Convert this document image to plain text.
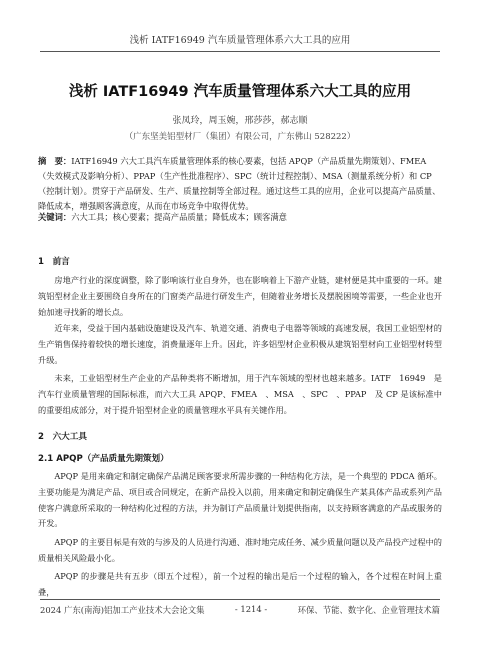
浅析 IATF16949 汽车质量管理体系六大工具的应用
浅析 IATF16949 汽车质量管理体系六大工具的应用
张凤玲，周玉婉，邢莎莎，郝志顺
（广东坚美铝型材厂（集团）有限公司，广东佛山 528222）
摘　要：IATF16949 六大工具汽车质量管理体系的核心要素，包括 APQP（产品质量先期策划）、FMEA（失效模式及影响分析）、PPAP（生产性批准程序）、SPC（统计过程控制）、MSA（测量系统分析）和 CP（控制计划）。贯穿于产品研发、生产、质量控制等全部过程。通过这些工具的应用，企业可以提高产品质量、降低成本，增强顾客满意度，从而在市场竞争中取得优势。
关键词：六大工具；核心要素；提高产品质量；降低成本；顾客满意
1　前言
房地产行业的深度调整，除了影响该行业自身外，也在影响着上下游产业链，建材便是其中重要的一环。建筑铝型材企业主要围绕自身所在的门窗类产品进行研发生产，但随着业务增长及摆脱困境等需要，一些企业也开始加速寻找新的增长点。
近年来，受益于国内基础设施建设及汽车、轨道交通、消费电子电器等领域的高速发展，我国工业铝型材的生产销售保持着较快的增长速度，消费量逐年上升。因此，许多铝型材企业积极从建筑铝型材向工业铝型材转型升级。
未来，工业铝型材生产企业的产品种类将不断增加，用于汽车领域的型材也越来越多。IATF　16949　是汽车行业质量管理的国际标准，而六大工具 APQP、FMEA　、MSA　、SPC　、PPAP　及 CP 是该标准中的重要组成部分，对于提升铝型材企业的质量管理水平具有关键作用。
2　六大工具
2.1 APQP（产品质量先期策划）
APQP 是用来确定和制定确保产品满足顾客要求所需步骤的一种结构化方法，是一个典型的 PDCA 循环。主要功能是为满足产品、项目或合同规定，在新产品投入以前，用来确定和制定确保生产某具体产品或系列产品使客户满意所采取的一种结构化过程的方法，并为制订产品质量计划提供指南，以支持顾客满意的产品或服务的开发。
APQP 的主要目标是有效的与涉及的人员进行沟通、准时地完成任务、减少质量问题以及产品投产过程中的质量相关风险最小化。
APQP 的步骤是共有五步（即五个过程），前一个过程的输出是后一个过程的输入，各个过程在时间上重叠，
2024 广东(南海)铝加工产业技术大会论文集	- 1214 -	环保、节能、数字化、企业管理技术篇
